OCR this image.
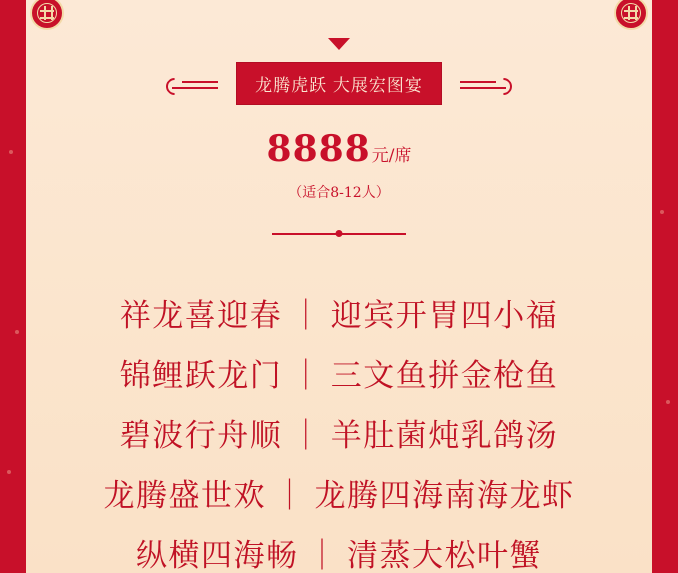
龙腾虎跃 大展宏图宴
8888元/席
（适合8-12人）
祥龙喜迎春 ｜ 迎宾开胃四小福
锦鲤跃龙门 ｜ 三文鱼拼金枪鱼
碧波行舟顺 ｜ 羊肚菌炖乳鸽汤
龙腾盛世欢 ｜ 龙腾四海南海龙虾
纵横四海畅 ｜ 清蒸大松叶蟹
